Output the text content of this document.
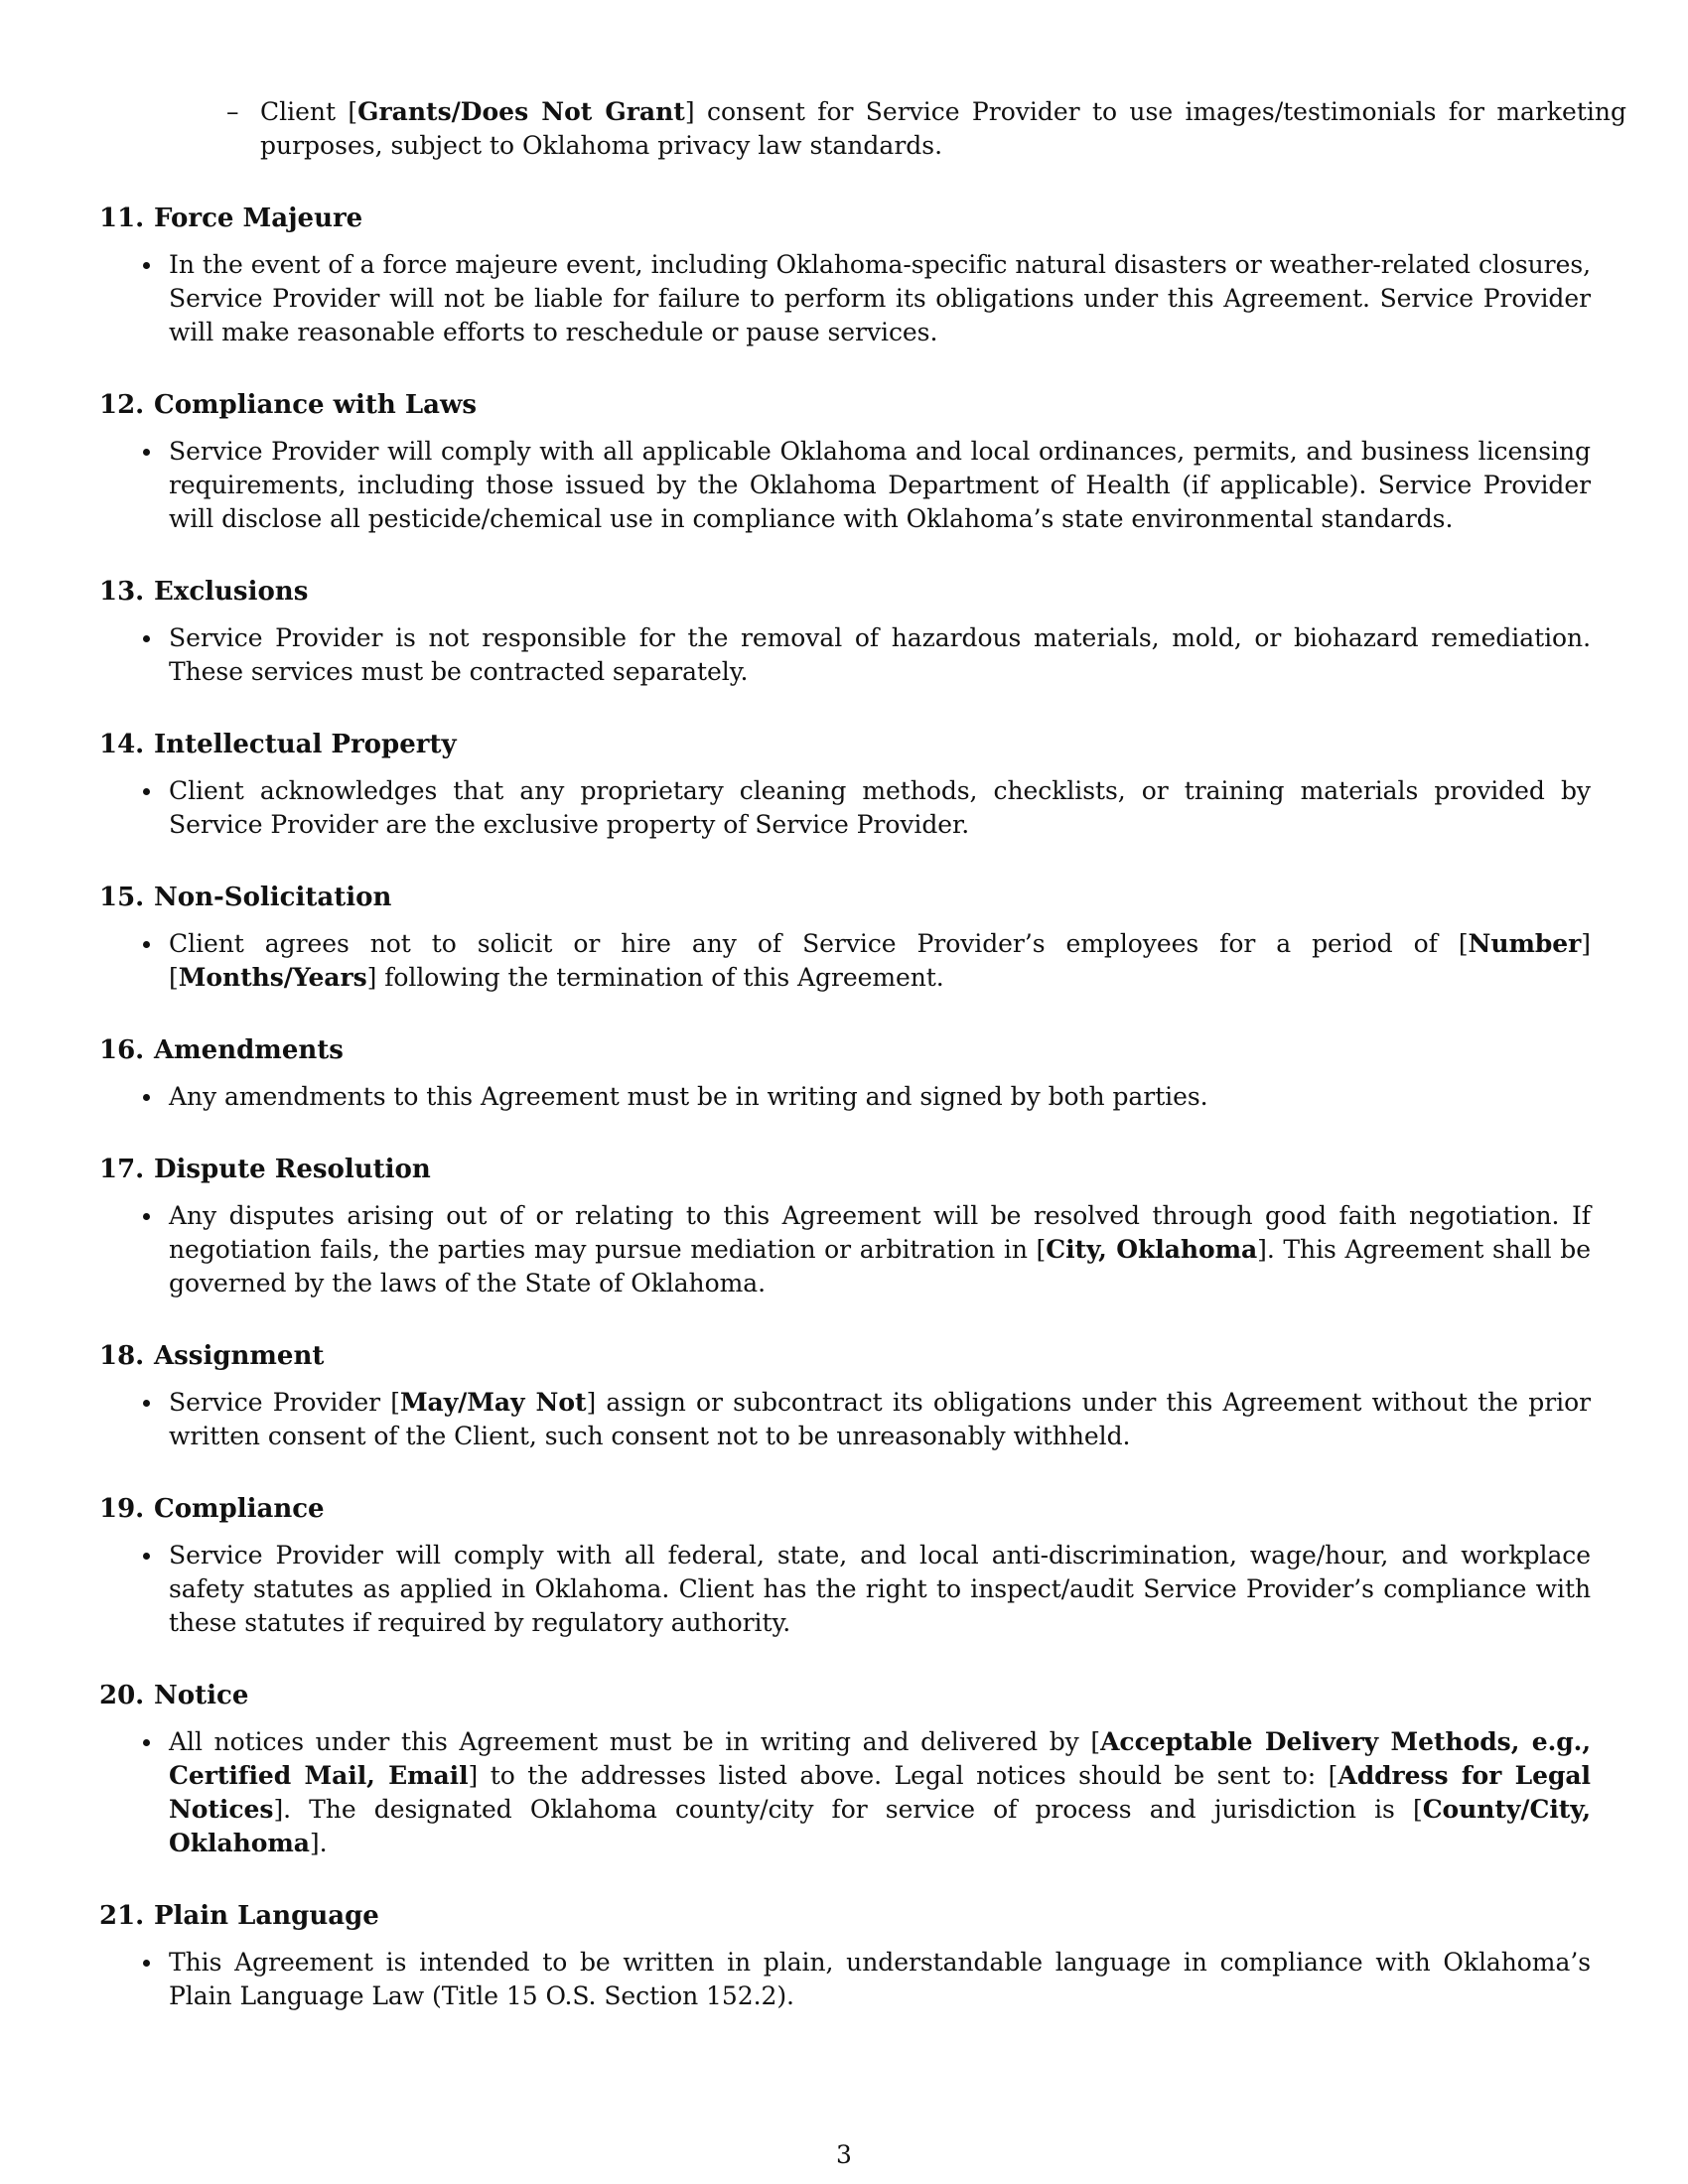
– Client [Grants/Does Not Grant] consent for Service Provider to use images/testimonials for marketing purposes, subject to Oklahoma privacy law standards.
11. Force Majeure
In the event of a force majeure event, including Oklahoma-specific natural disasters or weather-related closures, Service Provider will not be liable for failure to perform its obligations under this Agreement. Service Provider will make reasonable efforts to reschedule or pause services.
12. Compliance with Laws
Service Provider will comply with all applicable Oklahoma and local ordinances, permits, and business licensing requirements, including those issued by the Oklahoma Department of Health (if applicable). Service Provider will disclose all pesticide/chemical use in compliance with Oklahoma’s state environmental standards.
13. Exclusions
Service Provider is not responsible for the removal of hazardous materials, mold, or biohazard remediation. These services must be contracted separately.
14. Intellectual Property
Client acknowledges that any proprietary cleaning methods, checklists, or training materials provided by Service Provider are the exclusive property of Service Provider.
15. Non-Solicitation
Client agrees not to solicit or hire any of Service Provider’s employees for a period of [Number] [Months/Years] following the termination of this Agreement.
16. Amendments
Any amendments to this Agreement must be in writing and signed by both parties.
17. Dispute Resolution
Any disputes arising out of or relating to this Agreement will be resolved through good faith negotiation. If negotiation fails, the parties may pursue mediation or arbitration in [City, Oklahoma]. This Agreement shall be governed by the laws of the State of Oklahoma.
18. Assignment
Service Provider [May/May Not] assign or subcontract its obligations under this Agreement without the prior written consent of the Client, such consent not to be unreasonably withheld.
19. Compliance
Service Provider will comply with all federal, state, and local anti-discrimination, wage/hour, and workplace safety statutes as applied in Oklahoma. Client has the right to inspect/audit Service Provider’s compliance with these statutes if required by regulatory authority.
20. Notice
All notices under this Agreement must be in writing and delivered by [Acceptable Delivery Methods, e.g., Certified Mail, Email] to the addresses listed above. Legal notices should be sent to: [Address for Legal Notices]. The designated Oklahoma county/city for service of process and jurisdiction is [County/City, Oklahoma].
21. Plain Language
This Agreement is intended to be written in plain, understandable language in compliance with Oklahoma’s Plain Language Law (Title 15 O.S. Section 152.2).
3
